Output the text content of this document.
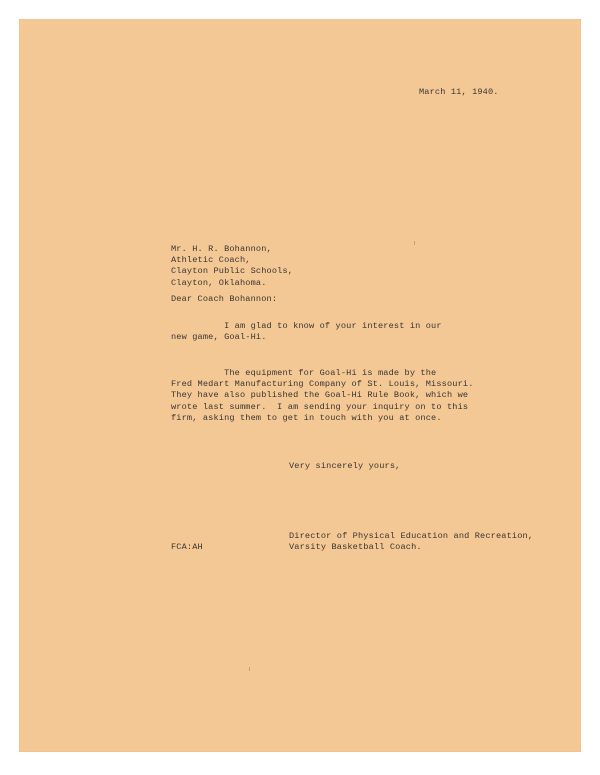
March 11, 1940.
Mr. H. R. Bohannon,
Athletic Coach,
Clayton Public Schools,
Clayton, Oklahoma.
Dear Coach Bohannon:
I am glad to know of your interest in our
new game, Goal-Hi.
The equipment for Goal-Hi is made by the
Fred Medart Manufacturing Company of St. Louis, Missouri.
They have also published the Goal-Hi Rule Book, which we
wrote last summer.  I am sending your inquiry on to this
firm, asking them to get in touch with you at once.
Very sincerely yours,
Director of Physical Education and Recreation,
Varsity Basketball Coach.
FCA:AH
